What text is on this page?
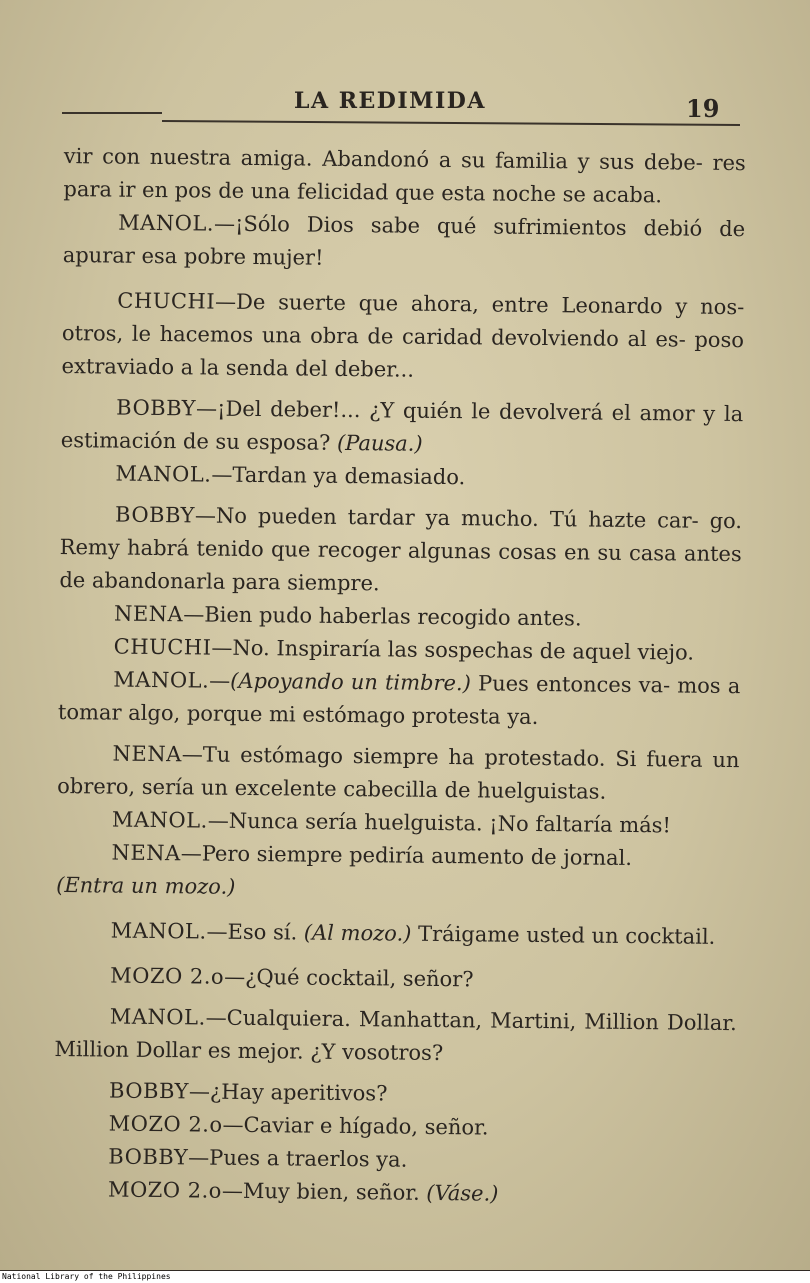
LA REDIMIDA	19

vir con nuestra amiga. Abandonó a su familia y sus debe- res para ir en pos de una felicidad que esta noche se acaba.

MANOL.—¡Sólo Dios sabe qué sufrimientos debió de apurar esa pobre mujer!

CHUCHI—De suerte que ahora, entre Leonardo y nos- otros, le hacemos una obra de caridad devolviendo al es- poso extraviado a la senda del deber...

BOBBY—¡Del deber!... ¿Y quién le devolverá el amor y la estimación de su esposa? (Pausa.)

MANOL.—Tardan ya demasiado.

BOBBY—No pueden tardar ya mucho. Tú hazte car- go. Remy habrá tenido que recoger algunas cosas en su casa antes de abandonarla para siempre.

NENA—Bien pudo haberlas recogido antes.

CHUCHI—No. Inspiraría las sospechas de aquel viejo.

MANOL.—(Apoyando un timbre.) Pues entonces va- mos a tomar algo, porque mi estómago protesta ya.

NENA—Tu estómago siempre ha protestado. Si fuera un obrero, sería un excelente cabecilla de huelguistas.

MANOL.—Nunca sería huelguista. ¡No faltaría más!

NENA—Pero siempre pediría aumento de jornal.
(Entra un mozo.)

MANOL.—Eso sí. (Al mozo.) Tráigame usted un cocktail.

MOZO 2.o—¿Qué cocktail, señor?

MANOL.—Cualquiera. Manhattan, Martini, Million Dollar. Million Dollar es mejor. ¿Y vosotros?

BOBBY—¿Hay aperitivos?

MOZO 2.o—Caviar e hígado, señor.

BOBBY—Pues a traerlos ya.

MOZO 2.o—Muy bien, señor. (Váse.)

National Library of the Philippines
